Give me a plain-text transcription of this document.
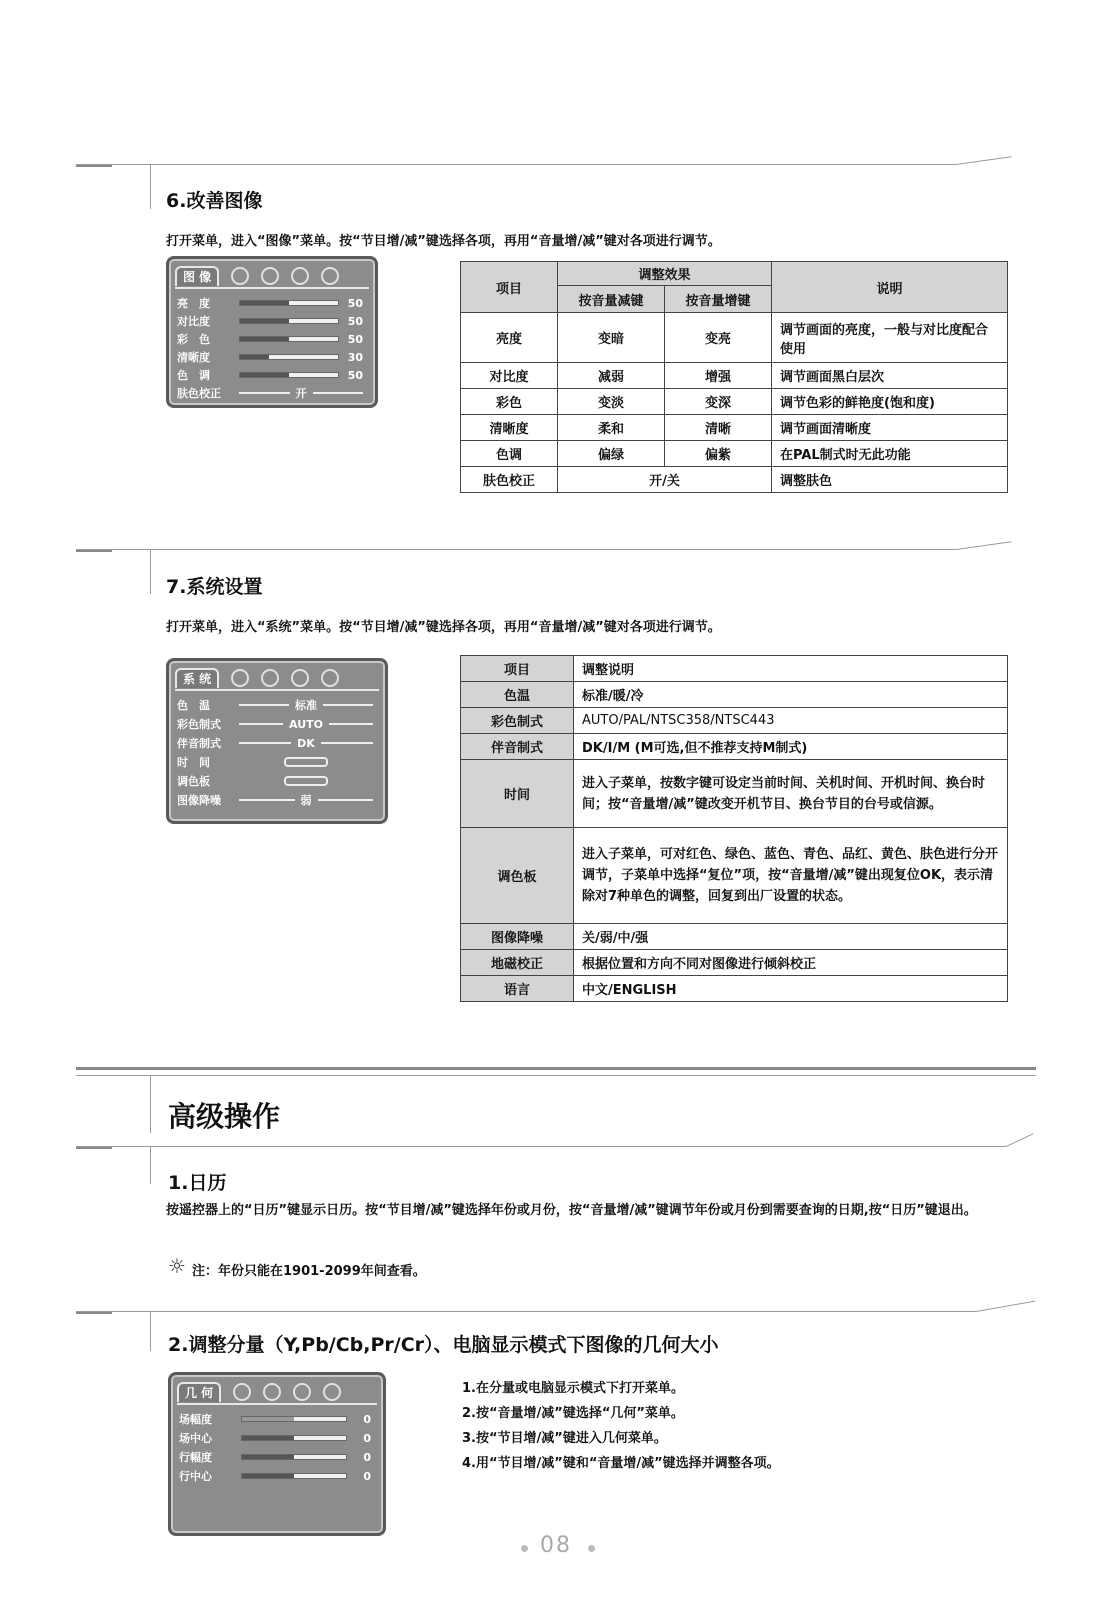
6.改善图像
打开菜单，进入“图像”菜单。按“节目增/减”键选择各项，再用“音量增/减”键对各项进行调节。
图 像
亮　度	50
对比度	50
彩　色	50
清晰度	30
色　调	50
肤色校正	开
项目	调整效果		说明
	按音量减键	按音量增键	
亮度	变暗	变亮	调节画面的亮度，一般与对比度配合使用
对比度	减弱	增强	调节画面黑白层次
彩色	变淡	变深	调节色彩的鲜艳度(饱和度)
清晰度	柔和	清晰	调节画面清晰度
色调	偏绿	偏紫	在PAL制式时无此功能
肤色校正	开/关		调整肤色
7.系统设置
打开菜单，进入“系统”菜单。按“节目增/减”键选择各项，再用“音量增/减”键对各项进行调节。
系 统
色　温	标准
彩色制式	AUTO
伴音制式	DK
时　间
调色板
图像降噪	弱
项目	调整说明
色温	标准/暖/冷
彩色制式	AUTO/PAL/NTSC358/NTSC443
伴音制式	DK/I/M (M可选,但不推荐支持M制式)
时间	进入子菜单，按数字键可设定当前时间、关机时间、开机时间、换台时间；按“音量增/减”键改变开机节目、换台节目的台号或信源。
调色板	进入子菜单，可对红色、绿色、蓝色、青色、品红、黄色、肤色进行分开调节，子菜单中选择“复位”项，按“音量增/减”键出现复位OK，表示清除对7种单色的调整，回复到出厂设置的状态。
图像降噪	关/弱/中/强
地磁校正	根据位置和方向不同对图像进行倾斜校正
语言	中文/ENGLISH
高级操作
1.日历
按遥控器上的“日历”键显示日历。按“节目增/减”键选择年份或月份，按“音量增/减”键调节年份或月份到需要查询的日期,按“日历”键退出。
☼ 注：年份只能在1901-2099年间查看。
2.调整分量（Y,Pb/Cb,Pr/Cr）、电脑显示模式下图像的几何大小
几 何
场幅度	0
场中心	0
行幅度	0
行中心	0
1.在分量或电脑显示模式下打开菜单。
2.按“音量增/减”键选择“几何”菜单。
3.按“节目增/减”键进入几何菜单。
4.用“节目增/减”键和“音量增/减”键选择并调整各项。
08
